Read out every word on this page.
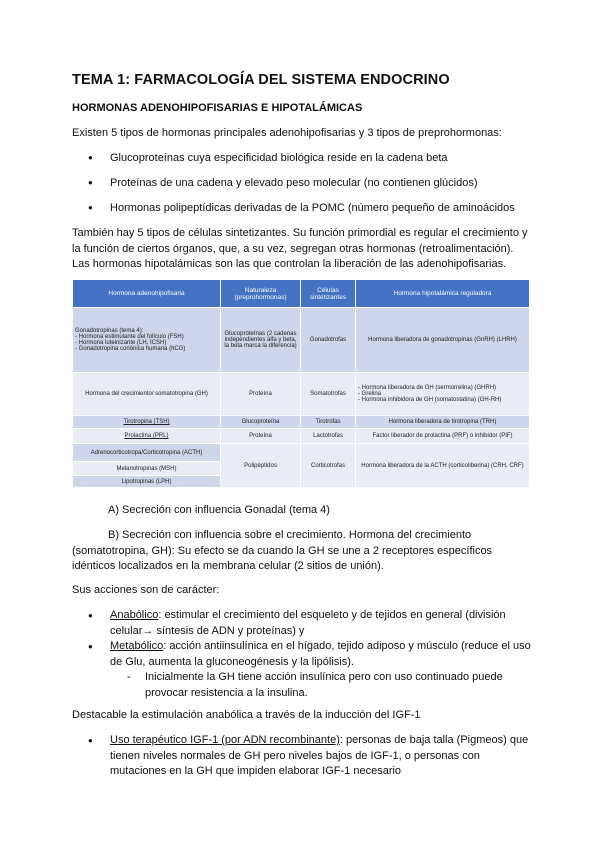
TEMA 1: FARMACOLOGÍA DEL SISTEMA ENDOCRINO
HORMONAS ADENOHIPOFISARIAS E HIPOTALÁMICAS
Existen 5 tipos de hormonas principales adenohipofisarias y 3 tipos de preprohormonas:
● Glucoproteínas cuya especificidad biológica reside en la cadena beta
● Proteínas de una cadena y elevado peso molecular (no contienen glúcidos)
● Hormonas polipeptídicas derivadas de la POMC (número pequeño de aminoácidos
También hay 5 tipos de células sintetizantes. Su función primordial es regular el crecimiento y la función de ciertos órganos, que, a su vez, segregan otras hormonas (retroalimentación). Las hormonas hipotalámicas son las que controlan la liberación de las adenohipofisarias.
Hormona adenohipofisaria	Naturaleza (preprohormonas)	Células sintetizantes	Hormona hipotalámica reguladora

Gonadotropinas (tema 4):
- Hormona estimulante del folículo (FSH)
- Hormona luteinizante (LH, ICSH)
- Gonadotropina coriónica humana (hCG)	Glucoproteínas (2 cadenas independientes alfa y beta, la beta marca la diferencia)	Gonadotrofas	Hormona liberadora de gonadotropinas (GnRH) (LHRH)
Hormona del crecimiento/ somatotropina (GH)	Proteína	Somatotrofas	- Hormona liberadora de GH (sermorrelina) (GHRH)
- Grelina
- Hormona inhibidora de GH (somatostatina) (GH-RH)

Tirotropina (TSH)	Glucoproteína	Tirotrofas	Hormona liberadora de tirotropina (TRH)
Prolactina (PRL)	Proteína	Lactotrofas	Factor liberador de prolactina (PRF) o inhibidor (PIF)
Adrenocorticotropa/Corticotropina (ACTH)	Polipéptidos	Corticotrofas	Hormona liberadora de la ACTH (corticoliberina) (CRH, CRF)
Melanotropinas (MSH)			
Lipotropinas (LPH)			
A) Secreción con influencia Gonadal (tema 4)
B) Secreción con influencia sobre el crecimiento. Hormona del crecimiento (somatotropina, GH): Su efecto se da cuando la GH se une a 2 receptores específicos idénticos localizados en la membrana celular (2 sitios de unión).
Sus acciones son de carácter:
● Anabólico: estimular el crecimiento del esqueleto y de tejidos en general (división celular→ síntesis de ADN y proteínas) y
● Metabólico: acción antiinsulínica en el hígado, tejido adiposo y músculo (reduce el uso de Glu, aumenta la gluconeogénesis y la lipólisis).
- Inicialmente la GH tiene acción insulínica pero con uso continuado puede provocar resistencia a la insulina.
Destacable la estimulación anabólica a través de la inducción del IGF-1
● Uso terapéutico IGF-1 (por ADN recombinante): personas de baja talla (Pigmeos) que tienen niveles normales de GH pero niveles bajos de IGF-1, o personas con mutaciones en la GH que impiden elaborar IGF-1 necesario
